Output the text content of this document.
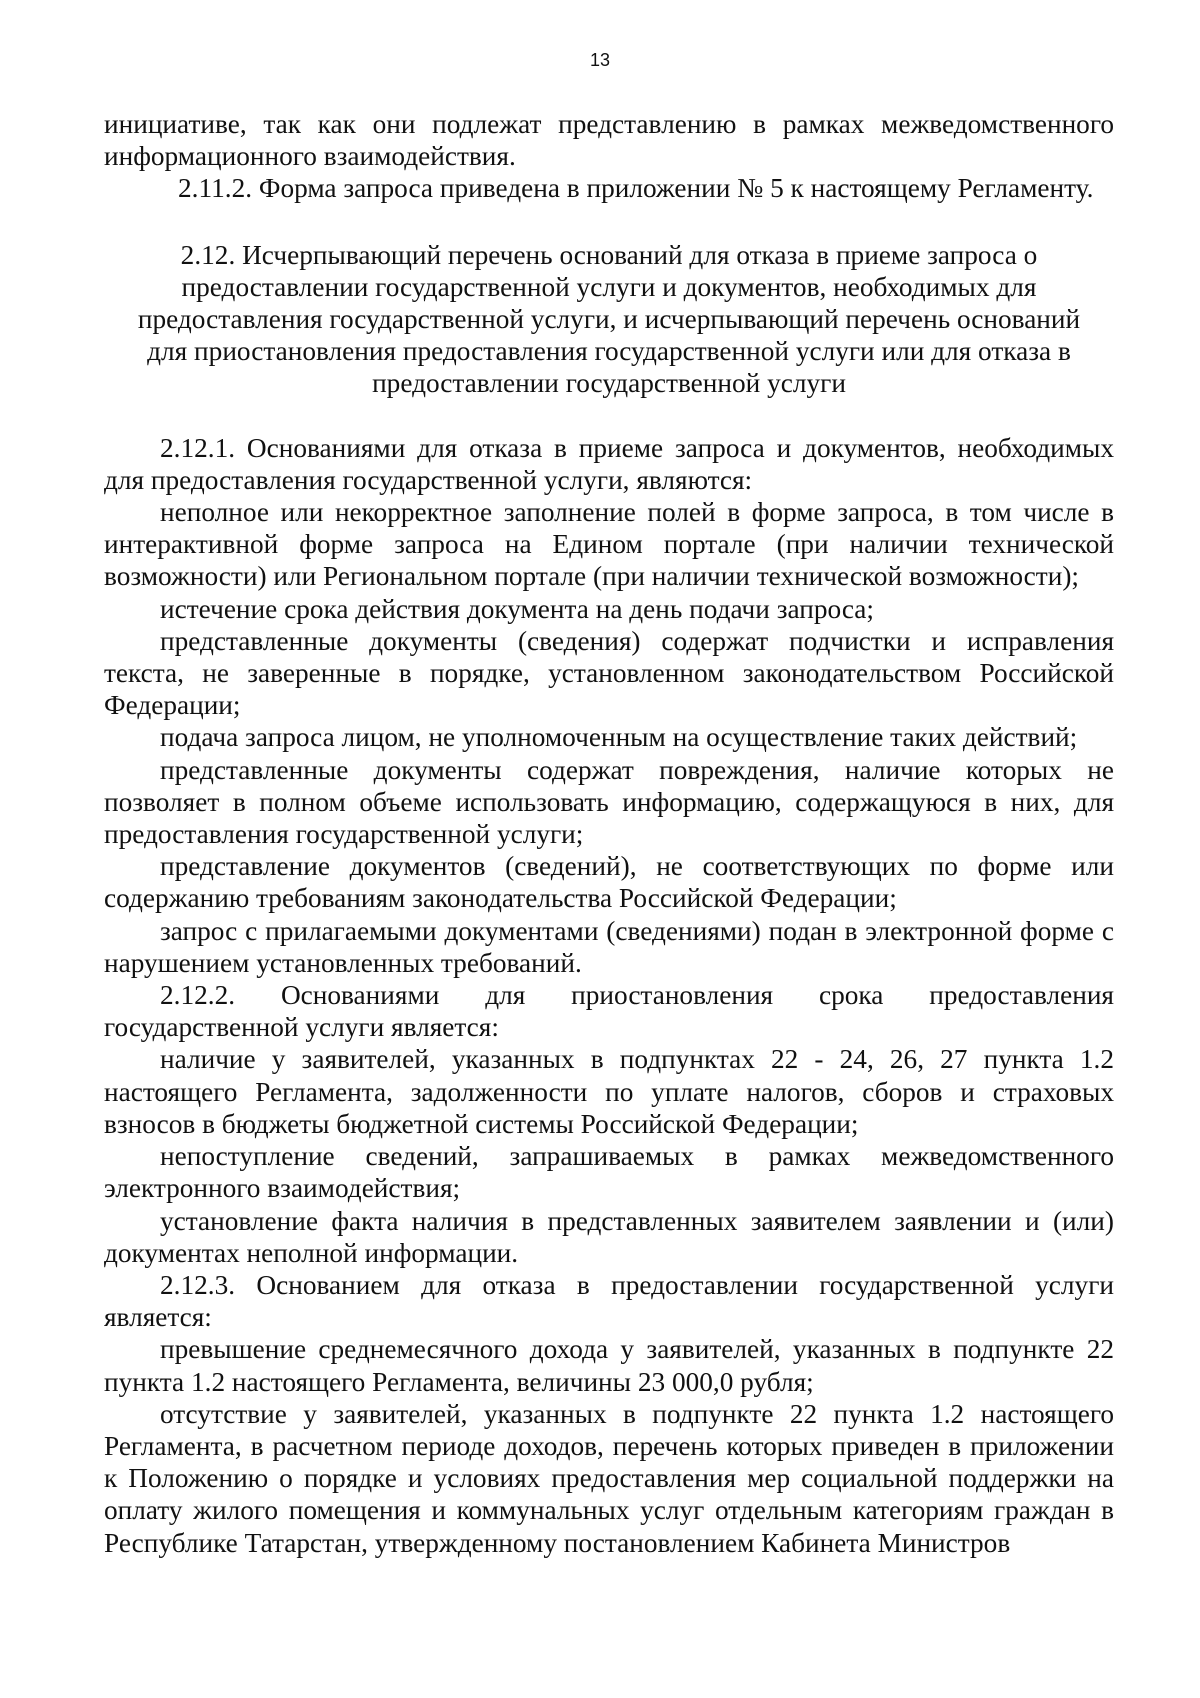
13

инициативе, так как они подлежат представлению в рамках межведомственного информационного взаимодействия.

2.11.2. Форма запроса приведена в приложении № 5 к настоящему Регламенту.

2.12. Исчерпывающий перечень оснований для отказа в приеме запроса о
предоставлении государственной услуги и документов, необходимых для
предоставления государственной услуги, и исчерпывающий перечень оснований
для приостановления предоставления государственной услуги или для отказа в
предоставлении государственной услуги

2.12.1. Основаниями для отказа в приеме запроса и документов, необходимых для предоставления государственной услуги, являются:

неполное или некорректное заполнение полей в форме запроса, в том числе в интерактивной форме запроса на Едином портале (при наличии технической возможности) или Региональном портале (при наличии технической возможности);

истечение срока действия документа на день подачи запроса;

представленные документы (сведения) содержат подчистки и исправления текста, не заверенные в порядке, установленном законодательством Российской Федерации;

подача запроса лицом, не уполномоченным на осуществление таких действий;

представленные документы содержат повреждения, наличие которых не позволяет в полном объеме использовать информацию, содержащуюся в них, для предоставления государственной услуги;

представление документов (сведений), не соответствующих по форме или содержанию требованиям законодательства Российской Федерации;

запрос с прилагаемыми документами (сведениями) подан в электронной форме с нарушением установленных требований.

2.12.2. Основаниями для приостановления срока предоставления государственной услуги является:

наличие у заявителей, указанных в подпунктах 22 - 24, 26, 27 пункта 1.2 настоящего Регламента, задолженности по уплате налогов, сборов и страховых взносов в бюджеты бюджетной системы Российской Федерации;

непоступление сведений, запрашиваемых в рамках межведомственного электронного взаимодействия;

установление факта наличия в представленных заявителем заявлении и (или) документах неполной информации.

2.12.3. Основанием для отказа в предоставлении государственной услуги является:

превышение среднемесячного дохода у заявителей, указанных в подпункте 22 пункта 1.2 настоящего Регламента, величины 23 000,0 рубля;

отсутствие у заявителей, указанных в подпункте 22 пункта 1.2 настоящего Регламента, в расчетном периоде доходов, перечень которых приведен в приложении к Положению о порядке и условиях предоставления мер социальной поддержки на оплату жилого помещения и коммунальных услуг отдельным категориям граждан в Республике Татарстан, утвержденному постановлением Кабинета Министров
